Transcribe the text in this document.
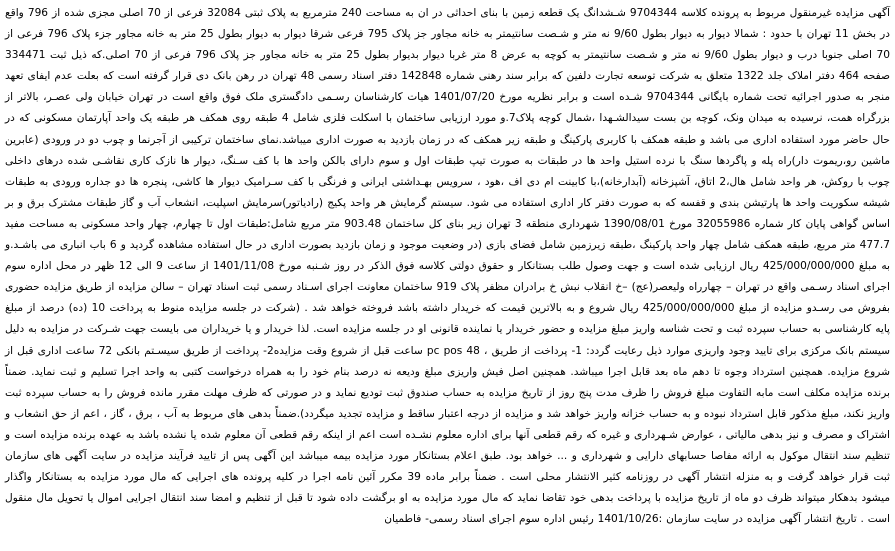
آگهی مزایده غیرمنقول مربوط به پرونده کلاسه 9704344 شـشدانگ یک قطعه زمین با بنای احداثی در ان به مساحت 240 مترمربع به پلاک ثبتی 32084 فرعی از 70 اصلی مجزی شده از 796 واقع در بخش 11 تهران با حدود : شمالا دیوار به دیوار بطول 9/60 نه متر و شـصت سانتیمتر به خانه مجاور جز پلاک 795 فرعی شرقا دیوار به دیوار بطول 25 متر به خانه مجاور جزء پلاک 796 فرعی از 70 اصلی جنوبا درب و دیوار بطول 9/60 نه متر و شـصت سانتیمتر به کوچه به عرض 8 متر غربا دیوار بدیوار بطول 25 متر به خانه مجاور جز پلاک 796 فرعی از 70 اصلی.که ذیل ثبت 334471 صفحه 464 دفتر املاک جلد 1322 متعلق به شرکت توسعه تجارت دلفین که برابر سند رهنی شماره 142848 دفتر اسناد رسمی 48 تهران در رهن بانک دی قرار گرفته است که بعلت عدم ایفای تعهد منجر به صدور اجرائیه تحت شماره بایگانی 9704344 شـده است و برابر نظریه مورخ 1401/07/20 هیات کارشناسان رسـمی دادگستری ملک فوق واقع است در تهران خیابان ولی عصـر، بالاتر از بزرگراه همت، نرسیده به میدان ونک، کوچه بن بست سیدالشـهدا ،شمال کوچه پلاک7.و مورد ارزیابی ساختمان با اسکلت فلزی شامل 4 طبقه روی همکف هر طبقه یک واحد آپارتمان مسکونی که در حال حاضر مورد استفاده اداری می باشد و طبقه همکف با کاربری پارکینگ و طبقه زیر همکف که در زمان بازدید به صورت اداری میباشد.نمای ساختمان ترکیبی از آجرنما و چوب دو در ورودی (عابرین ماشین رو،ریموت دار)راه پله و پاگردها سنگ با نرده استیل واحد ها در طبقات به صورت تیپ طبقات اول و سوم دارای بالکن واحد ها با کف سـنگ، دیوار ها نازک کاری نقاشـی شده درهای داخلی چوب با روکش، هر واحد شامل هال،2 اتاق، آشپزخانه (آبدارخانه)،با کابینت ام دی اف ،هود ، سرویس بهـداشتی ایرانی و فرنگی با کف سـرامیک دیوار ها کاشی، پنجره ها دو جداره ورودی به طبقات شیشه سکوریت واحد ها پارتیشن بندی و قفسه که به صورت دفتر کار اداری استفاده می شود. سیستم گرمایش هر واحد پکیج (رادیاتور)سرمایش اسپلیت، انشعاب آب و گاز طبقات مشترک برق و بر اساس گواهی پایان کار شماره 32055986 مورخ 1390/08/01 شهرداری منطقه 3 تهران زیر بنای کل ساختمان 903.48 متر مربع شامل:طبقات اول تا چهارم، چهار واحد مسکونی به مساحت مفید 477.7 متر مربع، طبقه همکف شامل چهار واحد پارکینگ ،طبقه زیرزمین شامل فضای بازی (در وضعیت موجود و زمان بازدید بصورت اداری در حال استفاده مشاهده گردید و 6 باب انباری می باشـد.و به مبلغ 425/000/000/000 ریال ارزیابی شده است و جهت وصول طلب بستانکار و حقوق دولتی کلاسه فوق الذکر در روز شـنبه مورخ 1401/11/08 از ساعت 9 الی 12 ظهر در محل اداره سوم اجرای اسناد رسـمی واقع در تهران – چهارراه ولیعصر(عج) –خ انقلاب نبش خ برادران مظفر پلاک 919 ساختمان معاونت اجرای اسـناد رسمی ثبت اسناد تهران – سالن مزایده از طریق مزایده حضوری بفروش می رسـدو مزایده از مبلغ 425/000/000/000 ریال شروع و به بالاترین قیمت که خریدار داشته باشد فروخته خواهد شد . (شرکت در جلسه مزایده منوط به پرداخت 10 (ده) درصد از مبلغ پایه کارشناسی به حساب سپرده ثبت و تحت شناسه واریز مبلغ مزایده و حضور خریدار یا نماینده قانونی او در جلسه مزایده است. لذا خریدار و یا خریداران می بایست جهت شـرکت در مزایده به دلیل سیستم بانک مرکزی برای تایید وجود واریزی موارد ذیل رعایت گردد: 1- پرداخت از طریق ، pc pos 48 ساعت قبل از شروع وقت مزایده2- پرداخت از طریق سیسـتم بانکی 72 ساعت اداری قبل از شروع مزایده. همچنین استرداد وجوه تا دهم ماه بعد قابل اجرا میباشد. همچنین اصل فیش واریزی مبلغ ودیعه نه درصد بنام خود را به همراه درخواست کتبی به واحد اجرا تسلیم و ثبت نماید. ضمناً برنده مزایده مکلف است مابه التفاوت مبلغ فروش را ظرف مدت پنج روز از تاریخ مزایده به حساب صندوق ثبت تودیع نماید و در صورتی که ظرف مهلت مقرر مانده فروش را به حساب سپرده ثبت واریز نکند، مبلغ مذکور قابل استرداد نبوده و به حساب خزانه واریز خواهد شد و مزایده از درجه اعتبار ساقط و مزایده تجدید میگردد).ضمناً بدهی های مربوط به آب ، برق ، گاز ، اعم از حق انشعاب و اشتراک و مصرف و نیز بدهی مالیاتی ، عوارض شـهرداری و غیره که رقم قطعی آنها برای اداره معلوم نشـده است اعم از اینکه رقم قطعی آن معلوم شده یا نشده باشد به عهده برنده مزایده است و تنظیم سند انتقال موکول به ارائه مفاصا حسابهای دارایی و شهرداری و ... خواهد بود. طبق اعلام بستانکار مورد مزایده بیمه میباشد این آگهی پس از تایید فرآیند مزایده در سایت آگهی های سازمان ثبت قرار خواهد گرفت و به منزله انتشار آگهی در روزنامه کثیر الانتشار محلی است . ضمناً برابر ماده 39 مکرر آئین نامه اجرا در کلیه پرونده های اجرایی که مال مورد مزایده به بستانکار واگذار میشود بدهکار میتواند ظرف دو ماه از تاریخ مزایده با پرداخت بدهی خود تقاضا نماید که مال مورد مزایده به او برگشت داده شود تا قبل از تنظیم و امضا سند انتقال اجرایی اموال یا تحویل مال منقول است . تاریخ انتشار آگهی مزایده در سایت سازمان :1401/10/26 رئیس اداره سوم اجرای اسناد رسمی- فاطمیان
